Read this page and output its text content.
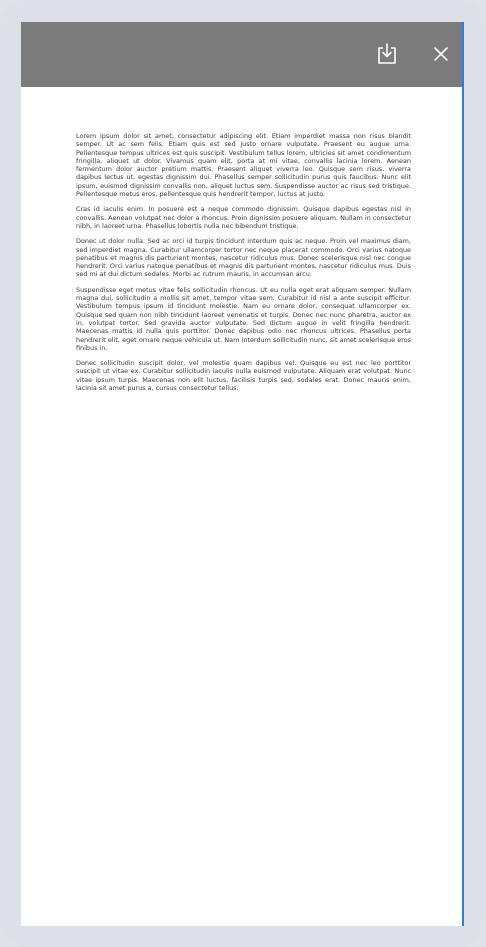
Lorem ipsum dolor sit amet, consectetur adipiscing elit. Etiam imperdiet massa non risus blandit semper. Ut ac sem felis. Etiam quis est sed justo ornare vulputate. Praesent eu augue urna. Pellentesque tempus ultrices est quis suscipit. Vestibulum tellus lorem, ultricies sit amet condimentum fringilla, aliquet ut dolor. Vivamus quam elit, porta at mi vitae, convallis lacinia lorem. Aenean fermentum dolor auctor pretium mattis. Praesent aliquet viverra leo. Quisque sem risus, viverra dapibus lectus ut, egestas dignissim dui. Phasellus semper sollicitudin purus quis faucibus. Nunc elit ipsum, euismod dignissim convallis non, aliquet luctus sem. Suspendisse auctor ac risus sed tristique. Pellentesque metus eros, pellentesque quis hendrerit tempor, luctus at justo.

Cras id iaculis enim. In posuere est a neque commodo dignissim. Quisque dapibus egestas nisl in convallis. Aenean volutpat nec dolor a rhoncus. Proin dignissim posuere aliquam. Nullam in consectetur nibh, in laoreet urna. Phasellus lobortis nulla nec bibendum tristique.

Donec ut dolor nulla. Sed ac orci id turpis tincidunt interdum quis ac neque. Proin vel maximus diam, sed imperdiet magna. Curabitur ullamcorper tortor nec neque placerat commodo. Orci varius natoque penatibus et magnis dis parturient montes, nascetur ridiculus mus. Donec scelerisque nisl nec congue hendrerit. Orci varius natoque penatibus et magnis dis parturient montes, nascetur ridiculus mus. Duis sed mi at dui dictum sodales. Morbi ac rutrum mauris, in accumsan arcu.

Suspendisse eget metus vitae felis sollicitudin rhoncus. Ut eu nulla eget erat aliquam semper. Nullam magna dui, sollicitudin a mollis sit amet, tempor vitae sem. Curabitur id nisl a ante suscipit efficitur. Vestibulum tempus ipsum id tincidunt molestie. Nam eu ornare dolor, consequat ullamcorper ex. Quisque sed quam non nibh tincidunt laoreet venenatis et turpis. Donec nec nunc pharetra, auctor ex in, volutpat tortor. Sed gravida auctor vulputate. Sed dictum augue in velit fringilla hendrerit. Maecenas mattis id nulla quis porttitor. Donec dapibus odio nec rhoncus ultrices. Phasellus porta hendrerit elit, eget ornare neque vehicula ut. Nam interdum sollicitudin nunc, sit amet scelerisque eros finibus in.

Donec sollicitudin suscipit dolor, vel molestie quam dapibus vel. Quisque eu est nec leo porttitor suscipit ut vitae ex. Curabitur sollicitudin iaculis nulla euismod vulputate. Aliquam erat volutpat. Nunc vitae ipsum turpis. Maecenas non elit luctus, facilisis turpis sed, sodales erat. Donec mauris enim, lacinia sit amet purus a, cursus consectetur tellus.
